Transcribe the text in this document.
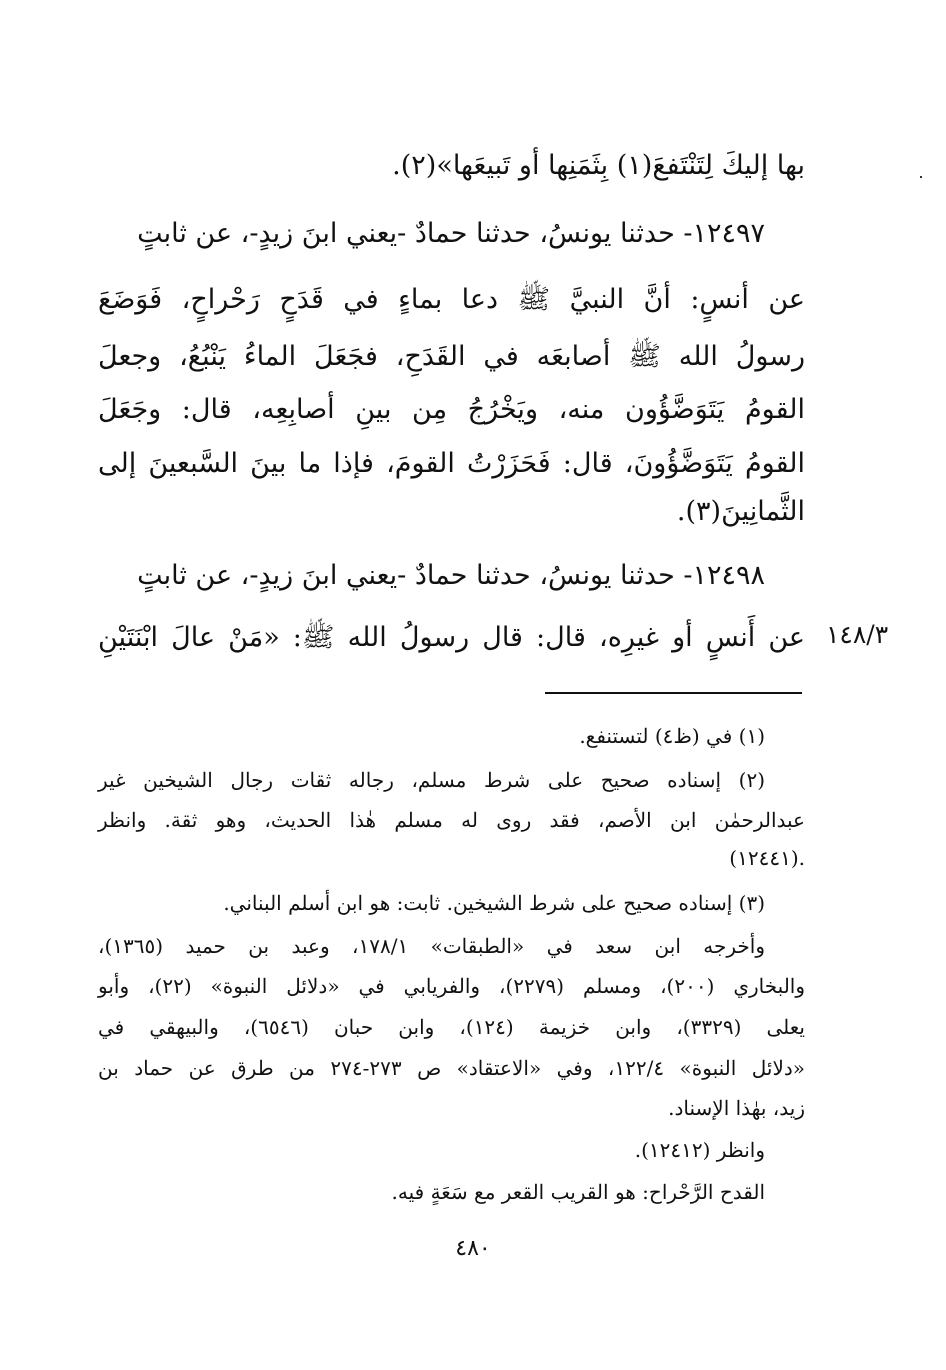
بها إليكَ لِتَنْتَفعَ(١) بِثَمَنِها أو تَبيعَها»(٢).
١٢٤٩٧- حدثنا يونسُ، حدثنا حمادٌ -يعني ابنَ زيدٍ-، عن ثابتٍ
عن أنسٍ: أنَّ النبيَّ ﷺ دعا بماءٍ في قَدَحٍ رَحْراحٍ، فَوَضَعَ
رسولُ الله ﷺ أصابعَه في القَدَحِ، فجَعَلَ الماءُ يَنْبُعُ، وجعلَ
القومُ يَتَوَضَّؤُون منه، ويَخْرُجُ مِن بينِ أصابِعِه، قال: وجَعَلَ
القومُ يَتَوَضَّؤُونَ، قال: فَحَزَرْتُ القومَ، فإذا ما بينَ السَّبعينَ إلى
الثَّمانِينَ(٣).
١٢٤٩٨- حدثنا يونسُ، حدثنا حمادٌ -يعني ابنَ زيدٍ-، عن ثابتٍ
عن أَنسٍ أو غيرِه، قال: قال رسولُ الله ﷺ: «مَنْ عالَ ابْنَتَيْنِ ١٤٨/٣
(١) في (ظ٤) لتستنفع.
(٢) إسناده صحيح على شرط مسلم، رجاله ثقات رجال الشيخين غير
عبدالرحمٰن ابن الأصم، فقد روى له مسلم هٰذا الحديث، وهو ثقة. وانظر
(١٢٤٤١).
(٣) إسناده صحيح على شرط الشيخين. ثابت: هو ابن أسلم البناني.
وأخرجه ابن سعد في «الطبقات» ١٧٨/١، وعبد بن حميد (١٣٦٥)،
والبخاري (٢٠٠)، ومسلم (٢٢٧٩)، والفريابي في «دلائل النبوة» (٢٢)، وأبو
يعلى (٣٣٢٩)، وابن خزيمة (١٢٤)، وابن حبان (٦٥٤٦)، والبيهقي في
«دلائل النبوة» ١٢٢/٤، وفي «الاعتقاد» ص ٢٧٣-٢٧٤ من طرق عن حماد بن
زيد، بهٰذا الإسناد.
وانظر (١٢٤١٢).
القدح الرَّحْراح: هو القريب القعر مع سَعَةٍ فيه.
٤٨٠
